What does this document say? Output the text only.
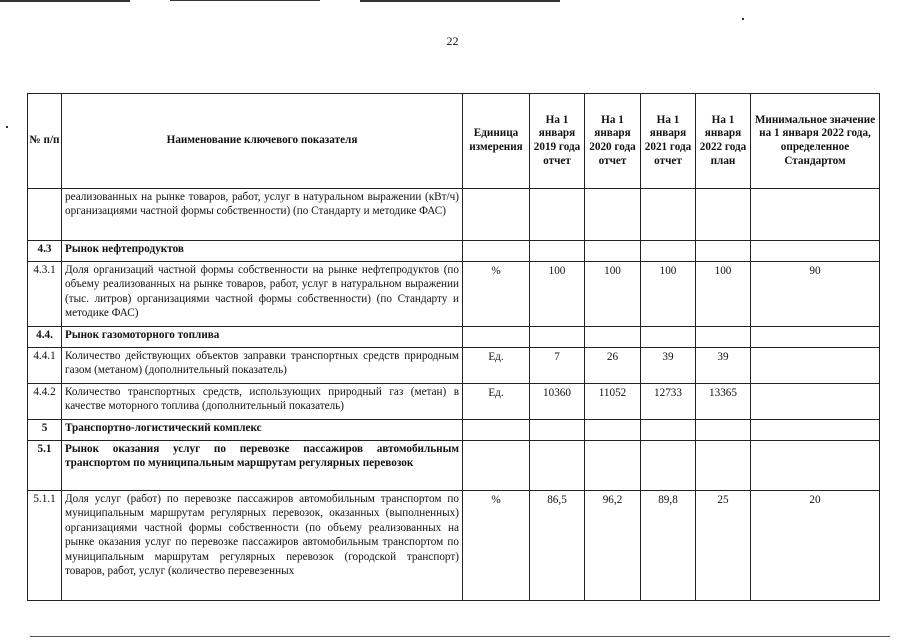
22
№ п/п	Наименование ключевого показателя	Единица измерения	На 1 января 2019 года отчет	На 1 января 2020 года отчет	На 1 января 2021 года отчет	На 1 января 2022 года план	Минимальное значение на 1 января 2022 года, определенное Стандартом
	реализованных на рынке товаров, работ, услуг в натуральном выражении (кВт/ч) организациями частной формы собственности) (по Стандарту и методике ФАС)						
4.3	Рынок нефтепродуктов						
4.3.1	Доля организаций частной формы собственности на рынке нефтепродуктов (по объему реализованных на рынке товаров, работ, услуг в натуральном выражении (тыс. литров) организациями частной формы собственности) (по Стандарту и методике ФАС)	%	100	100	100	100	90
4.4.	Рынок газомоторного топлива						
4.4.1	Количество действующих объектов заправки транспортных средств природным газом (метаном) (дополнительный показатель)	Ед.	7	26	39	39	
4.4.2	Количество транспортных средств, использующих природный газ (метан) в качестве моторного топлива (дополнительный показатель)	Ед.	10360	11052	12733	13365	
5	Транспортно-логистический комплекс						
5.1	Рынок оказания услуг по перевозке пассажиров автомобильным транспортом по муниципальным маршрутам регулярных перевозок						
5.1.1	Доля услуг (работ) по перевозке пассажиров автомобильным транспортом по муниципальным маршрутам регулярных перевозок, оказанных (выполненных) организациями частной формы собственности (по объему реализованных на рынке оказания услуг по перевозке пассажиров автомобильным транспортом по муниципальным маршрутам регулярных перевозок (городской транспорт) товаров, работ, услуг (количество перевезенных	%	86,5	96,2	89,8	25	20
